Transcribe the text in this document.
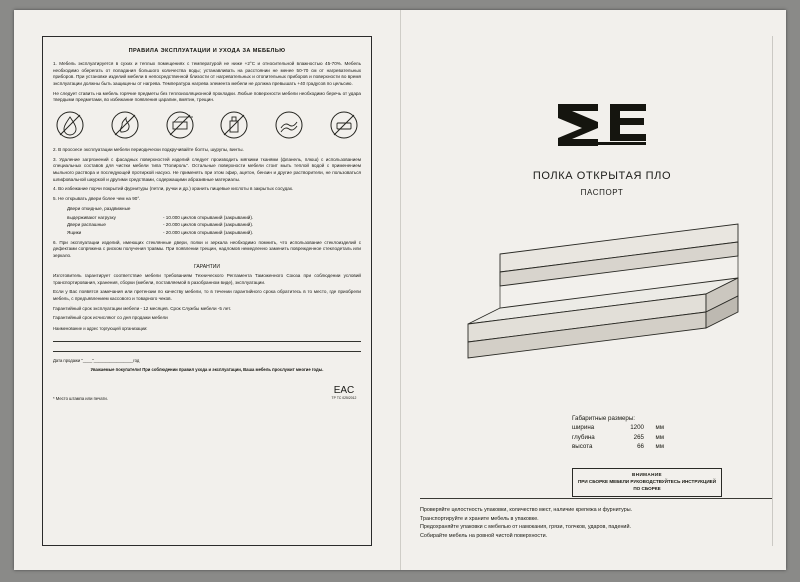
ПРАВИЛА ЭКСПЛУАТАЦИИ И УХОДА ЗА МЕБЕЛЬЮ

1. Мебель эксплуатируется в сухих и теплых помещениях с температурой не ниже +2°С и относительной влажностью 45-70%. Мебель необходимо оберегать от попадания большого количества воды; устанавливать на расстоянии не менее 50-70 см от нагревательных приборов. При установке изделий мебели в непосредственной близости от нагревательных и отопительных приборов и поверхности во время эксплуатации должны быть защищены от нагрева. Температура нагрева элемента мебели не должна превышать +40 градусов по цельсию.

Не следует ставить на мебель горячие предметы без теплоизоляционной прокладки. Любые поверхности мебели необходимо беречь от удара твердыми предметами, во избежание появления царапин, вмятин, трещин.

2. В просоесе эксплуатации мебели периодически подкручивайте болты, шурупы, винты.

3. Удаление загрязнений с фасадных поверхностей изделий следует производить мягкими тканями (фланель, плюш) с использованием специальных составов для чистки мебели типа "Полироль". Остальные поверхности мебели стоит мыть теплой водой с применением мыльного раствора и последующей протиркой насухо. Не применять при этом эфир, ацетон, бензин и другие растворители, не пользоваться шлифовальной шкуркой и другими средствами, содержащими абразивные материалы.

4. Во избежание порчи покрытий фурнитуры (петли, ручки и др.) хранить пищевые кислоты в закрытых сосудах.

5. Не открывать двери более чем на 90°.

Двери откидные, раздвижные

выдерживают нагрузку	- 10.000 циклов открываний (закрываний).
Двери распашные	- 20.000 циклов открываний (закрываний).
Ящики	- 20.000 циклов открываний (закрываний).

6. При эксплуатации изделий, имеющих стеклянные двери, полки и зеркала необходимо помнить, что использование стеклоизделий с дефектами сопряжена с риском получения травмы. При появлении трещин, надломов немедленно заменить поврежденное стеклодеталь или зеркало.

ГАРАНТИИ

Изготовитель гарантирует соответствие мебели требованиям Технического Регламента Таможенного Союза при соблюдении условий транспортирования, хранения, сборки (мебели, поставляемой в разобранном виде), эксплуатации.

Если у Вас появятся замечания или претензии по качеству мебели, то в течении гарантийного срока обратитесь в то место, где приобрели мебель, с предъявлением кассового и товарного чеков.

Гарантийный срок эксплуатации мебели - 12 месяцев. Срок Службы мебели -5 лет.

Гарантийный срок исчисляют со дня продажи мебели

Наименование и адрес торгующей организации:

Дата продажи "____"_________________год

Уважаемые покупатели! При соблюдении правил ухода и эксплуатации, Ваша мебель прослужит многие годы.

* Место штампа или печати.
EAC
ТР ТС 025/2012
ПОЛКА ОТКРЫТАЯ ПЛО
ПАСПОРТ
Габаритные размеры:
ширина	1200 мм
глубина	265 мм
высота	66 мм
ВНИМАНИЕ
ПРИ СБОРКЕ МЕБЕЛИ РУКОВОДСТВУЙТЕСЬ ИНСТРУКЦИЕЙ ПО СБОРКЕ
Проверяйте целостность упаковки, количество мест, наличие крепежа и фурнитуры.
Транспортируйте и храните мебель в упаковке.
Предохраняйте упаковки с мебелью от намокания, грязи, толчков, ударов, падений.
Собирайте мебель на ровной чистой поверхности.
